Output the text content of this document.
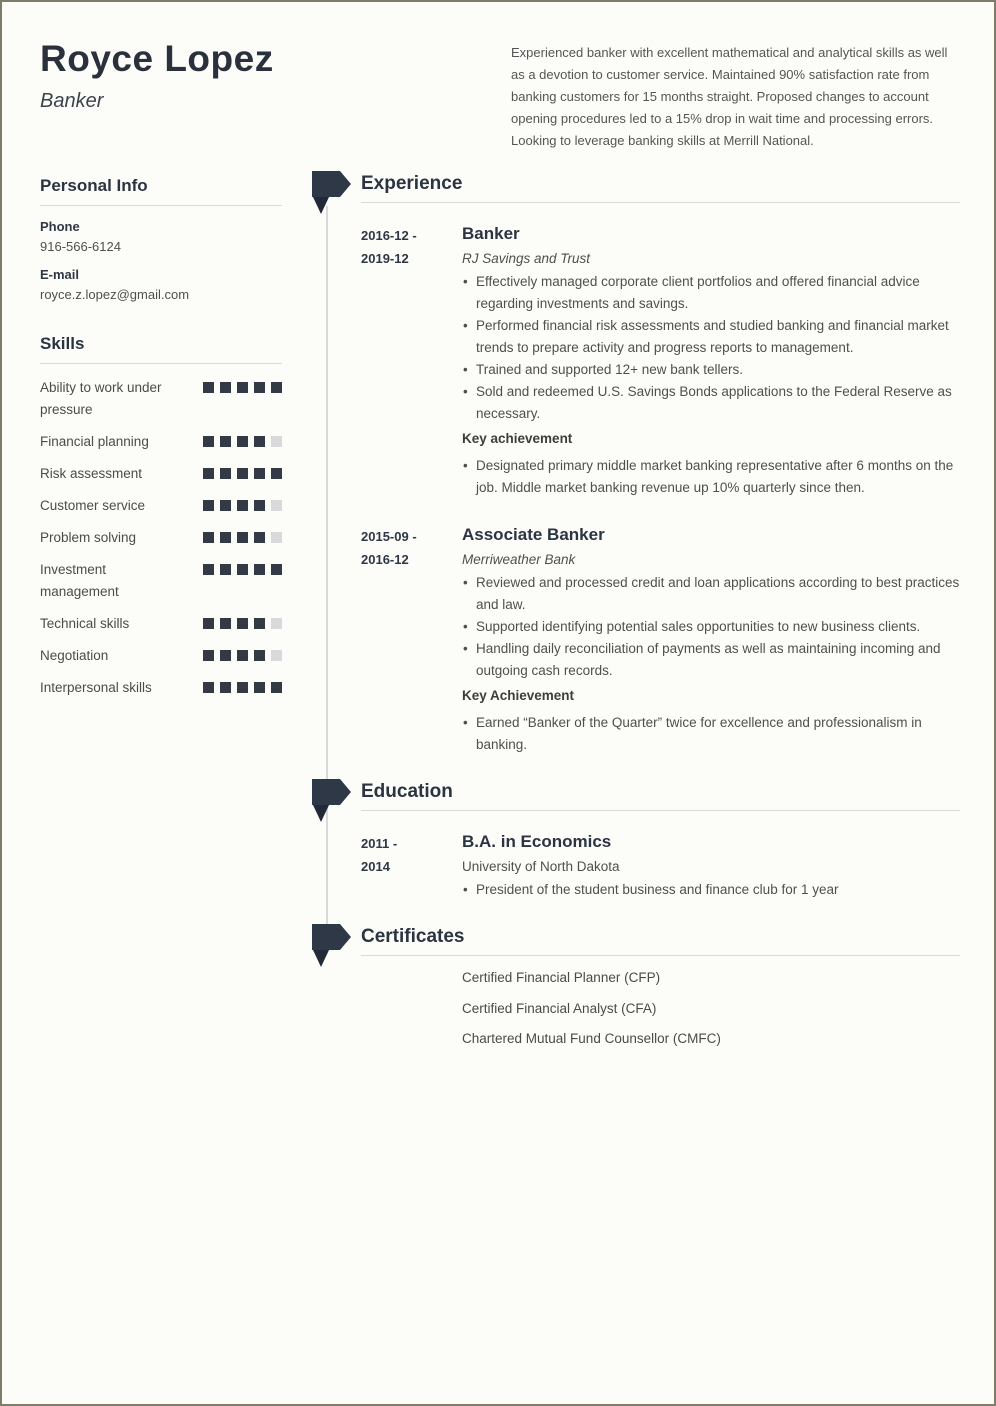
Royce Lopez
Banker
Experienced banker with excellent mathematical and analytical skills as well as a devotion to customer service. Maintained 90% satisfaction rate from banking customers for 15 months straight. Proposed changes to account opening procedures led to a 15% drop in wait time and processing errors. Looking to leverage banking skills at Merrill National.
Personal Info
Phone
916-566-6124
E-mail
royce.z.lopez@gmail.com
Skills
Ability to work under pressure
Financial planning
Risk assessment
Customer service
Problem solving
Investment management
Technical skills
Negotiation
Interpersonal skills
Experience
2016-12 -
2019-12
Banker
RJ Savings and Trust
• Effectively managed corporate client portfolios and offered financial advice regarding investments and savings.
• Performed financial risk assessments and studied banking and financial market trends to prepare activity and progress reports to management.
• Trained and supported 12+ new bank tellers.
• Sold and redeemed U.S. Savings Bonds applications to the Federal Reserve as necessary.
Key achievement
• Designated primary middle market banking representative after 6 months on the job. Middle market banking revenue up 10% quarterly since then.
2015-09 -
2016-12
Associate Banker
Merriweather Bank
• Reviewed and processed credit and loan applications according to best practices and law.
• Supported identifying potential sales opportunities to new business clients.
• Handling daily reconciliation of payments as well as maintaining incoming and outgoing cash records.
Key Achievement
• Earned “Banker of the Quarter” twice for excellence and professionalism in banking.
Education
2011 -
2014
B.A. in Economics
University of North Dakota
• President of the student business and finance club for 1 year
Certificates
Certified Financial Planner (CFP)
Certified Financial Analyst (CFA)
Chartered Mutual Fund Counsellor (CMFC)
